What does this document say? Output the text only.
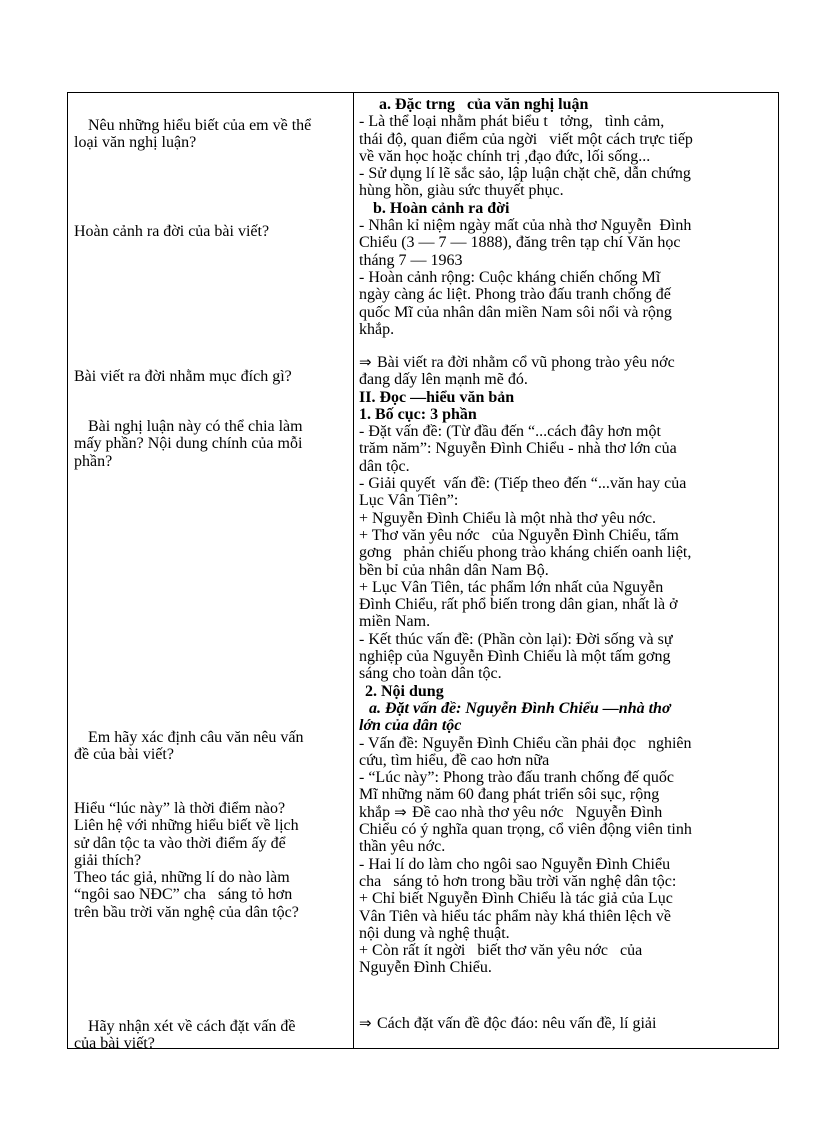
Nêu những hiểu biết của em về thể
loại văn nghị luận?
Hoàn cảnh ra đời của bài viết?
Bài viết ra đời nhằm mục đích gì?
Bài nghị luận này có thể chia làm
mấy phần? Nội dung chính của mỗi
phần?
Em hãy xác định câu văn nêu vấn
đề của bài viết?
Hiểu “lúc này” là thời điểm nào?
Liên hệ với những hiểu biết về lịch
sử dân tộc ta vào thời điểm ấy để
giải thích?
Theo tác giả, những lí do nào làm
“ngôi sao NĐC” cha   sáng tỏ hơn
trên bầu trời văn nghệ của dân tộc?
Hãy nhận xét về cách đặt vấn đề
của bài viết?
a. Đặc trng   của văn nghị luận
- Là thể loại nhằm phát biểu t   tởng,   tình cảm,
thái độ, quan điểm của ngời   viết một cách trực tiếp
về văn học hoặc chính trị ,đạo đức, lối sống...
- Sử dụng lí lẽ sắc sảo, lập luận chặt chẽ, dẫn chứng
hùng hồn, giàu sức thuyết phục.
b. Hoàn cảnh ra đời
- Nhân kỉ niệm ngày mất của nhà thơ Nguyễn  Đình
Chiểu (3 — 7 — 1888), đăng trên tạp chí Văn học
tháng 7 — 1963
- Hoàn cảnh rộng: Cuộc kháng chiến chống Mĩ
ngày càng ác liệt. Phong trào đấu tranh chống đế
quốc Mĩ của nhân dân miền Nam sôi nổi và rộng
khắp.
⇒ Bài viết ra đời nhằm cổ vũ phong trào yêu nớc
đang dấy lên mạnh mẽ đó.
II. Đọc —hiểu văn bản
1. Bố cục: 3 phần
- Đặt vấn đề: (Từ đầu đến “...cách đây hơn một
trăm năm”: Nguyễn Đình Chiểu - nhà thơ lớn của
dân tộc.
- Giải quyết  vấn đề: (Tiếp theo đến “...văn hay của
Lục Vân Tiên”:
+ Nguyễn Đình Chiểu là một nhà thơ yêu nớc.
+ Thơ văn yêu nớc   của Nguyễn Đình Chiểu, tấm
gơng   phản chiếu phong trào kháng chiến oanh liệt,
bền bỉ của nhân dân Nam Bộ.
+ Lục Vân Tiên, tác phẩm lớn nhất của Nguyễn
Đình Chiểu, rất phổ biến trong dân gian, nhất là ở
miền Nam.
- Kết thúc vấn đề: (Phần còn lại): Đời sống và sự
nghiệp của Nguyễn Đình Chiểu là một tấm gơng
sáng cho toàn dân tộc.
2. Nội dung
a. Đặt vấn đề: Nguyễn Đình Chiểu —nhà thơ
lớn của dân tộc
- Vấn đề: Nguyễn Đình Chiểu cần phải đọc   nghiên
cứu, tìm hiểu, đề cao hơn nữa
- “Lúc này”: Phong trào đấu tranh chống đế quốc
Mĩ những năm 60 đang phát triển sôi sục, rộng
khắp ⇒ Đề cao nhà thơ yêu nớc   Nguyễn Đình
Chiểu có ý nghĩa quan trọng, cổ viên động viên tinh
thần yêu nớc.
- Hai lí do làm cho ngôi sao Nguyễn Đình Chiểu
cha   sáng tỏ hơn trong bầu trời văn nghệ dân tộc:
+ Chỉ biết Nguyễn Đình Chiểu là tác giả của Lục
Vân Tiên và hiểu tác phẩm này khá thiên lệch về
nội dung và nghệ thuật.
+ Còn rất ít ngời   biết thơ văn yêu nớc   của
Nguyễn Đình Chiểu.
⇒ Cách đặt vấn đề độc đáo: nêu vấn đề, lí giải
